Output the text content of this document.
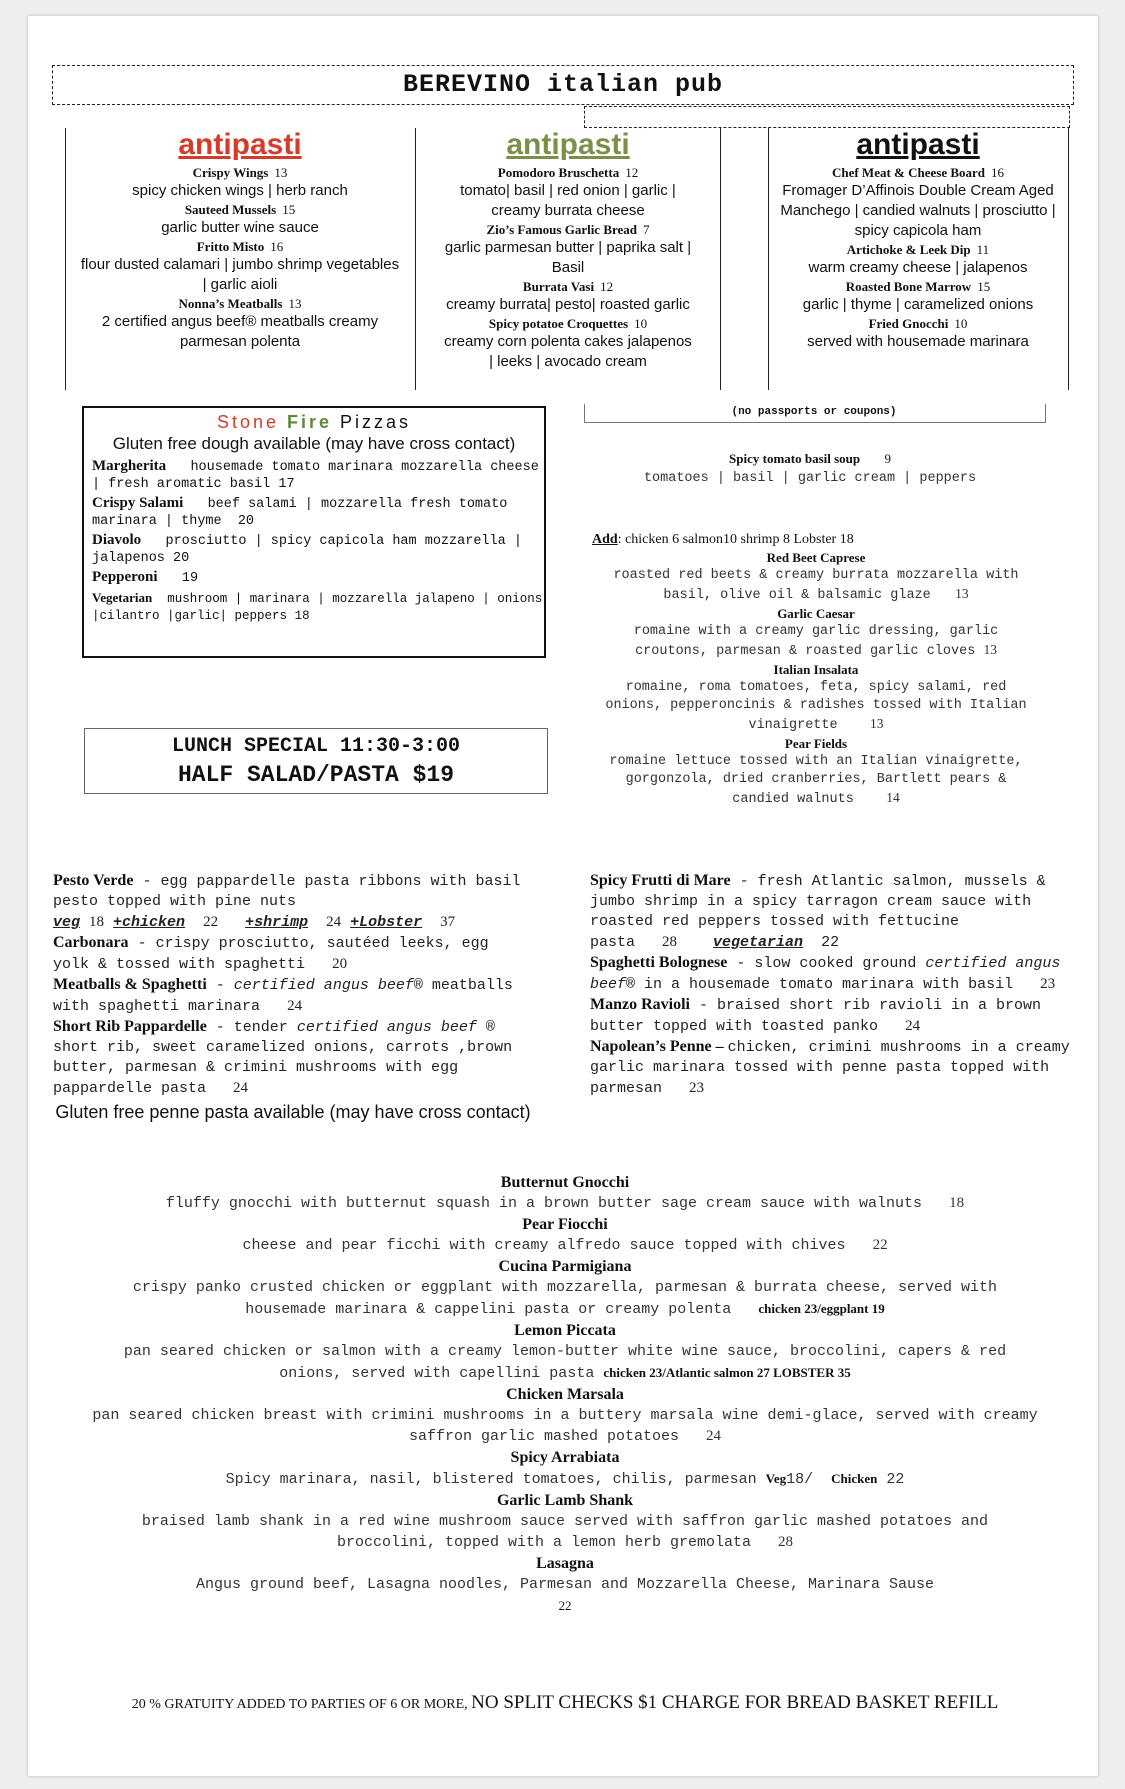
BEREVINO italian pub
antipasti
Crispy Wings 13
spicy chicken wings | herb ranch
Sauteed Mussels 15
garlic butter wine sauce
Fritto Misto 16
flour dusted calamari | jumbo shrimp vegetables | garlic aioli
Nonna’s Meatballs 13
2 certified angus beef® meatballs creamy parmesan polenta
antipasti
Pomodoro Bruschetta 12
tomato| basil | red onion | garlic | creamy burrata cheese
Zio’s Famous Garlic Bread 7
garlic parmesan butter | paprika salt | Basil
Burrata Vasi 12
creamy burrata| pesto| roasted garlic
Spicy potatoe Croquettes 10
creamy corn polenta cakes jalapenos | leeks | avocado cream
antipasti
Chef Meat & Cheese Board 16
Fromager D’Affinois Double Cream Aged Manchego | candied walnuts | prosciutto | spicy capicola ham
Artichoke & Leek Dip 11
warm creamy cheese | jalapenos
Roasted Bone Marrow 15
garlic | thyme | caramelized onions
Fried Gnocchi 10
served with housemade marinara
(no passports or coupons)
Stone Fire Pizzas
Gluten free dough available (may have cross contact)
Margherita housemade tomato marinara mozzarella cheese | fresh aromatic basil 17
Crispy Salami beef salami | mozzarella fresh tomato marinara | thyme 20
Diavolo prosciutto | spicy capicola ham mozzarella | jalapenos 20
Pepperoni 19
Vegetarian mushroom | marinara | mozzarella jalapeno | onions |cilantro |garlic| peppers 18
LUNCH SPECIAL 11:30-3:00
HALF SALAD/PASTA $19
Spicy tomato basil soup 9
tomatoes | basil | garlic cream | peppers
Add: chicken 6 salmon10 shrimp 8 Lobster 18
Red Beet Caprese
roasted red beets & creamy burrata mozzarella with basil, olive oil & balsamic glaze 13
Garlic Caesar
romaine with a creamy garlic dressing, garlic croutons, parmesan & roasted garlic cloves 13
Italian Insalata
romaine, roma tomatoes, feta, spicy salami, red onions, pepperoncinis & radishes tossed with Italian vinaigrette 13
Pear Fields
romaine lettuce tossed with an Italian vinaigrette, gorgonzola, dried cranberries, Bartlett pears & candied walnuts 14
Pesto Verde - egg pappardelle pasta ribbons with basil pesto topped with pine nuts
veg 18 +chicken 22 +shrimp 24 +Lobster 37
Carbonara - crispy prosciutto, sautéed leeks, egg yolk & tossed with spaghetti 20
Meatballs & Spaghetti - certified angus beef® meatballs with spaghetti marinara 24
Short Rib Pappardelle - tender certified angus beef ® short rib, sweet caramelized onions, carrots ,brown butter, parmesan & crimini mushrooms with egg pappardelle pasta 24
Gluten free penne pasta available (may have cross contact)
Spicy Frutti di Mare - fresh Atlantic salmon, mussels & jumbo shrimp in a spicy tarragon cream sauce with roasted red peppers tossed with fettucine pasta 28 vegetarian 22
Spaghetti Bolognese - slow cooked ground certified angus beef® in a housemade tomato marinara with basil 23
Manzo Ravioli - braised short rib ravioli in a brown butter topped with toasted panko 24
Napolean’s Penne – chicken, crimini mushrooms in a creamy garlic marinara tossed with penne pasta topped with parmesan 23
Butternut Gnocchi
fluffy gnocchi with butternut squash in a brown butter sage cream sauce with walnuts 18
Pear Fiocchi
cheese and pear ficchi with creamy alfredo sauce topped with chives 22
Cucina Parmigiana
crispy panko crusted chicken or eggplant with mozzarella, parmesan & burrata cheese, served with housemade marinara & cappelini pasta or creamy polenta chicken 23/eggplant 19
Lemon Piccata
pan seared chicken or salmon with a creamy lemon-butter white wine sauce, broccolini, capers & red onions, served with capellini pasta chicken 23/Atlantic salmon 27 LOBSTER 35
Chicken Marsala
pan seared chicken breast with crimini mushrooms in a buttery marsala wine demi-glace, served with creamy saffron garlic mashed potatoes 24
Spicy Arrabiata
Spicy marinara, nasil, blistered tomatoes, chilis, parmesan Veg18/ Chicken 22
Garlic Lamb Shank
braised lamb shank in a red wine mushroom sauce served with saffron garlic mashed potatoes and broccolini, topped with a lemon herb gremolata 28
Lasagna
Angus ground beef, Lasagna noodles, Parmesan and Mozzarella Cheese, Marinara Sause
22
20 % GRATUITY ADDED TO PARTIES OF 6 OR MORE, NO SPLIT CHECKS $1 CHARGE FOR BREAD BASKET REFILL
